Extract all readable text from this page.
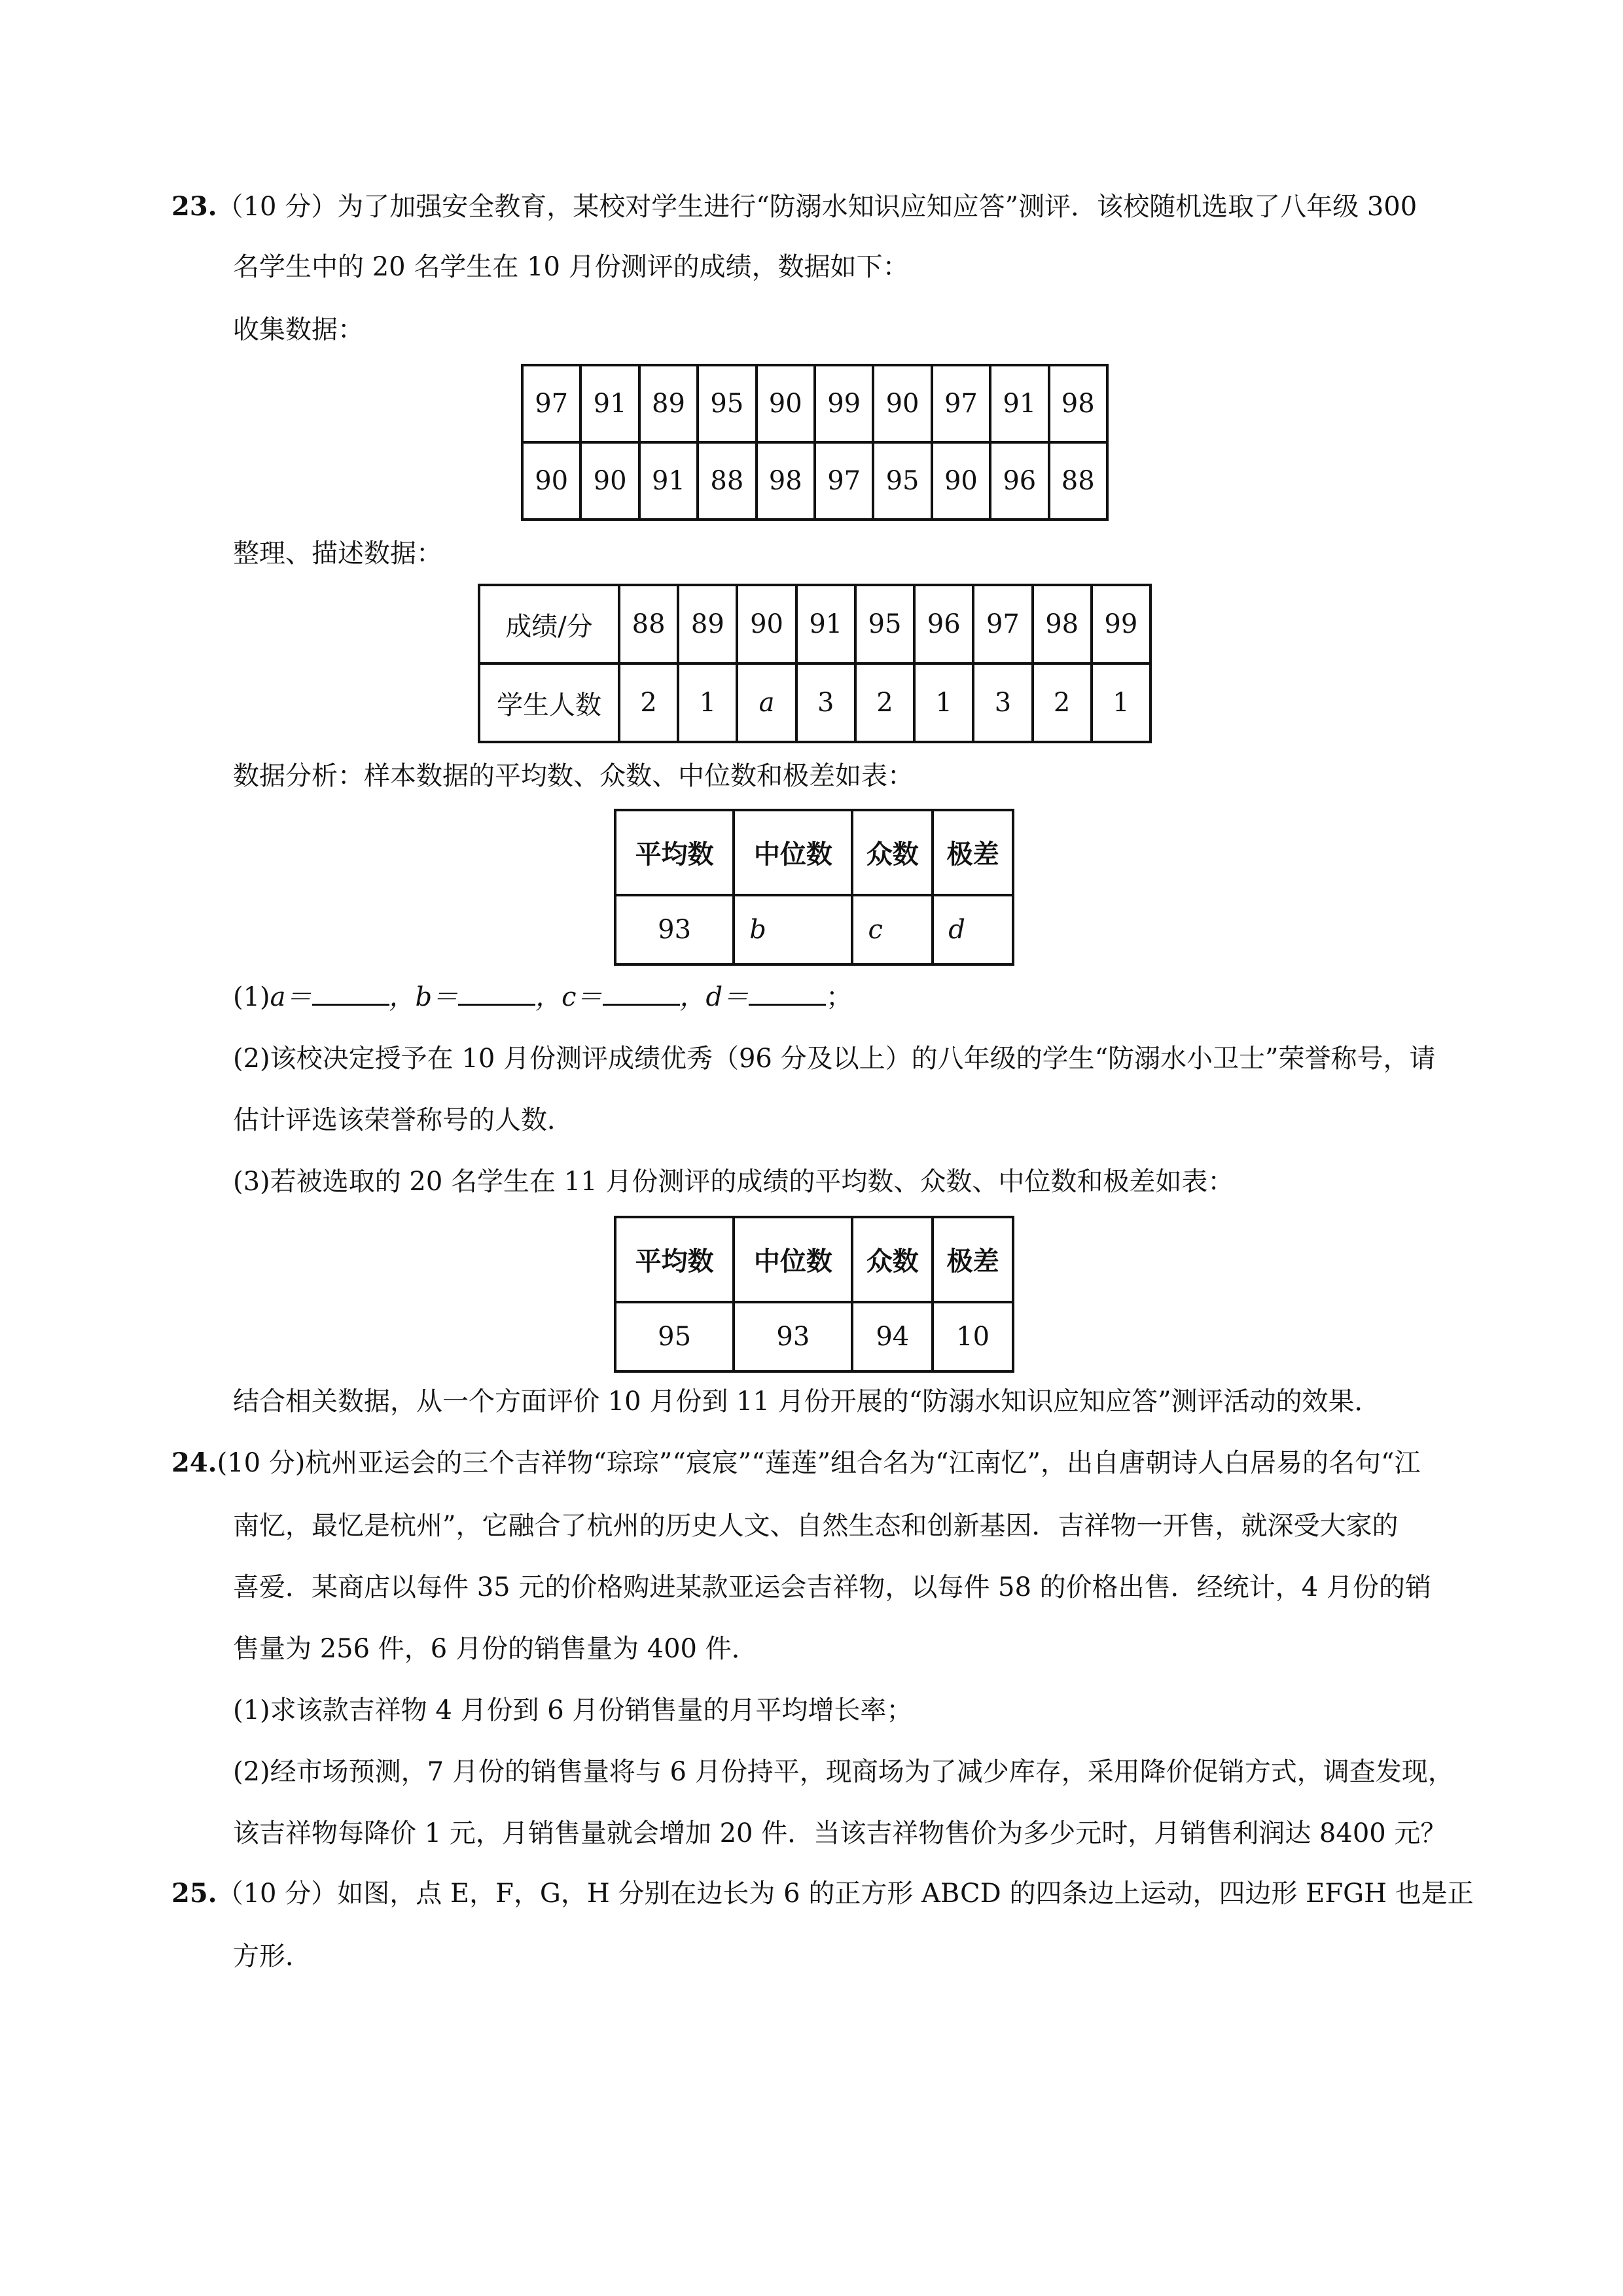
23.（10 分）为了加强安全教育，某校对学生进行“防溺水知识应知应答”测评．该校随机选取了八年级 300
名学生中的 20 名学生在 10 月份测评的成绩，数据如下：
收集数据：
97	91	89	95	90	99	90	97	91	98
90	90	91	88	98	97	95	90	96	88
整理、描述数据：
成绩/分	88	89	90	91	95	96	97	98	99
学生人数	2	1	a	3	2	1	3	2	1
数据分析：样本数据的平均数、众数、中位数和极差如表：
平均数	中位数	众数	极差
93	b	c	d
(1)a＝	，b＝	，c＝	，d＝	；
(2)该校决定授予在 10 月份测评成绩优秀（96 分及以上）的八年级的学生“防溺水小卫士”荣誉称号，请
估计评选该荣誉称号的人数．
(3)若被选取的 20 名学生在 11 月份测评的成绩的平均数、众数、中位数和极差如表：
平均数	中位数	众数	极差
95	93	94	10
结合相关数据，从一个方面评价 10 月份到 11 月份开展的“防溺水知识应知应答”测评活动的效果．
24.(10 分)杭州亚运会的三个吉祥物“琮琮”“宸宸”“莲莲”组合名为“江南忆”，出自唐朝诗人白居易的名句“江
南忆，最忆是杭州”，它融合了杭州的历史人文、自然生态和创新基因．吉祥物一开售，就深受大家的
喜爱．某商店以每件 35 元的价格购进某款亚运会吉祥物，以每件 58 的价格出售．经统计，4 月份的销
售量为 256 件，6 月份的销售量为 400 件．
(1)求该款吉祥物 4 月份到 6 月份销售量的月平均增长率；
(2)经市场预测，7 月份的销售量将与 6 月份持平，现商场为了减少库存，采用降价促销方式，调查发现，
该吉祥物每降价 1 元，月销售量就会增加 20 件．当该吉祥物售价为多少元时，月销售利润达 8400 元？
25.（10 分）如图，点 E，F，G，H 分别在边长为 6 的正方形 ABCD 的四条边上运动，四边形 EFGH 也是正
方形．
